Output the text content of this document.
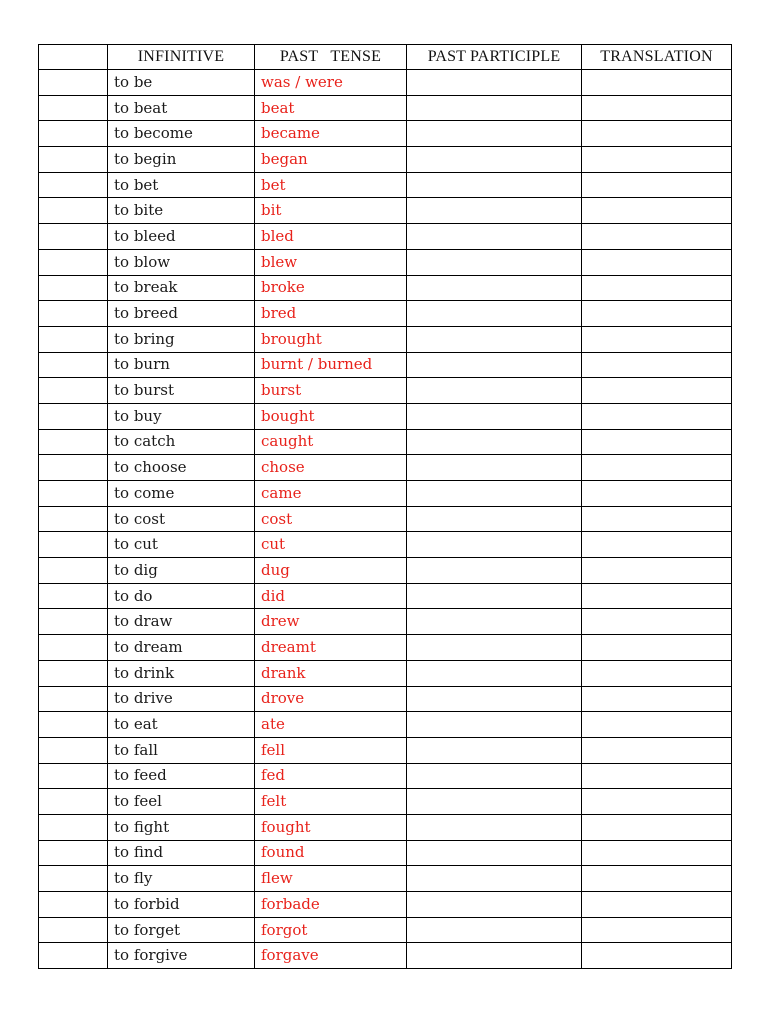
	INFINITIVE	PAST   TENSE	PAST PARTICIPLE	TRANSLATION
	to be	was / were		
	to beat	beat		
	to become	became		
	to begin	began		
	to bet	bet		
	to bite	bit		
	to bleed	bled		
	to blow	blew		
	to break	broke		
	to breed	bred		
	to bring	brought		
	to burn	burnt / burned		
	to burst	burst		
	to buy	bought		
	to catch	caught		
	to choose	chose		
	to come	came		
	to cost	cost		
	to cut	cut		
	to dig	dug		
	to do	did		
	to draw	drew		
	to dream	dreamt		
	to drink	drank		
	to drive	drove		
	to eat	ate		
	to fall	fell		
	to feed	fed		
	to feel	felt		
	to fight	fought		
	to find	found		
	to fly	flew		
	to forbid	forbade		
	to forget	forgot		
	to forgive	forgave		
